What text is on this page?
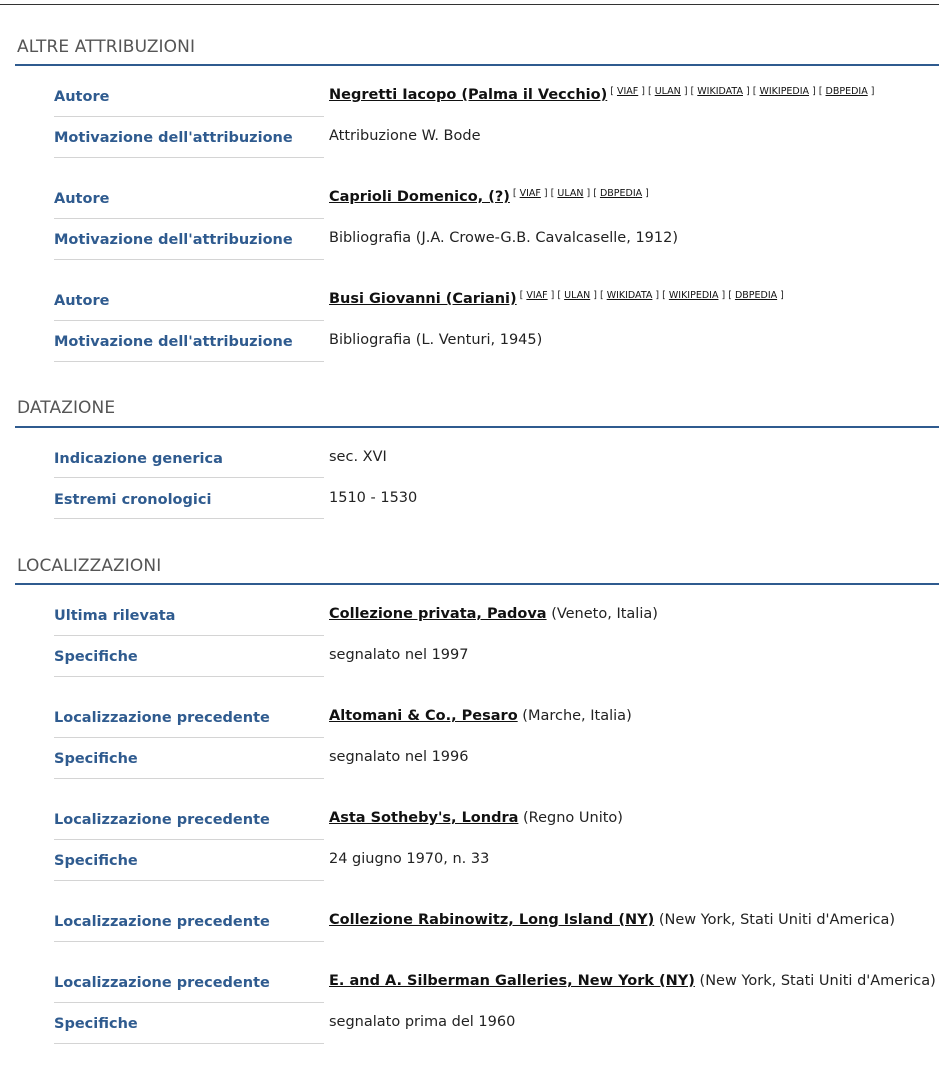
ALTRE ATTRIBUZIONI
Autore	Negretti Iacopo (Palma il Vecchio) [ VIAF ] [ ULAN ] [ WIKIDATA ] [ WIKIPEDIA ] [ DBPEDIA ]
Motivazione dell'attribuzione	Attribuzione W. Bode
Autore	Caprioli Domenico, (?) [ VIAF ] [ ULAN ] [ DBPEDIA ]
Motivazione dell'attribuzione	Bibliografia (J.A. Crowe-G.B. Cavalcaselle, 1912)
Autore	Busi Giovanni (Cariani) [ VIAF ] [ ULAN ] [ WIKIDATA ] [ WIKIPEDIA ] [ DBPEDIA ]
Motivazione dell'attribuzione	Bibliografia (L. Venturi, 1945)
DATAZIONE
Indicazione generica	sec. XVI
Estremi cronologici	1510 - 1530
LOCALIZZAZIONI
Ultima rilevata	Collezione privata, Padova (Veneto, Italia)
Specifiche	segnalato nel 1997
Localizzazione precedente	Altomani & Co., Pesaro (Marche, Italia)
Specifiche	segnalato nel 1996
Localizzazione precedente	Asta Sotheby's, Londra (Regno Unito)
Specifiche	24 giugno 1970, n. 33
Localizzazione precedente	Collezione Rabinowitz, Long Island (NY) (New York, Stati Uniti d'America)
Localizzazione precedente	E. and A. Silberman Galleries, New York (NY) (New York, Stati Uniti d'America)
Specifiche	segnalato prima del 1960
